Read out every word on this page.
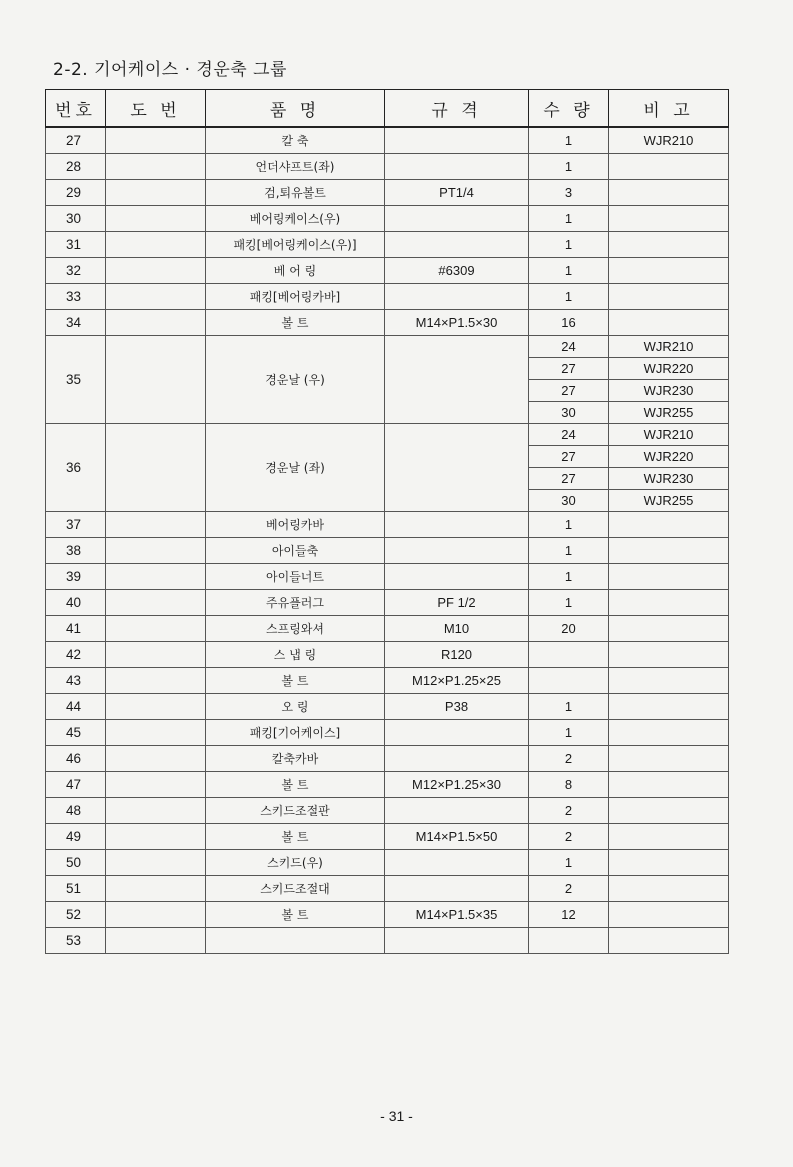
2-2. 기어케이스 · 경운축 그룹
번호	도 번	품 명	규 격	수 량	비 고
27		칼 축		1	WJR210
28		언더샤프트(좌)		1	
29		검,퇴유볼트	PT1/4	3	
30		베어링케이스(우)		1	
31		패킹[베어링케이스(우)]		1	
32		베 어 링	#6309	1	
33		패킹[베어링카바]		1	
34		볼 트	M14×P1.5×30	16	
35		경운날 (우)		24	WJR210
				27	WJR220
				27	WJR230
				30	WJR255
36		경운날 (좌)		24	WJR210
				27	WJR220
				27	WJR230
				30	WJR255
37		베어링카바		1	
38		아이들축		1	
39		아이들너트		1	
40		주유플러그	PF 1/2	1	
41		스프링와셔	M10	20	
42		스 냅 링	R120		
43		볼 트	M12×P1.25×25		
44		오 링	P38	1	
45		패킹[기어케이스]		1	
46		칼축카바		2	
47		볼 트	M12×P1.25×30	8	
48		스키드조절판		2	
49		볼 트	M14×P1.5×50	2	
50		스키드(우)		1	
51		스키드조절대		2	
52		볼 트	M14×P1.5×35	12	
53					
- 31 -
